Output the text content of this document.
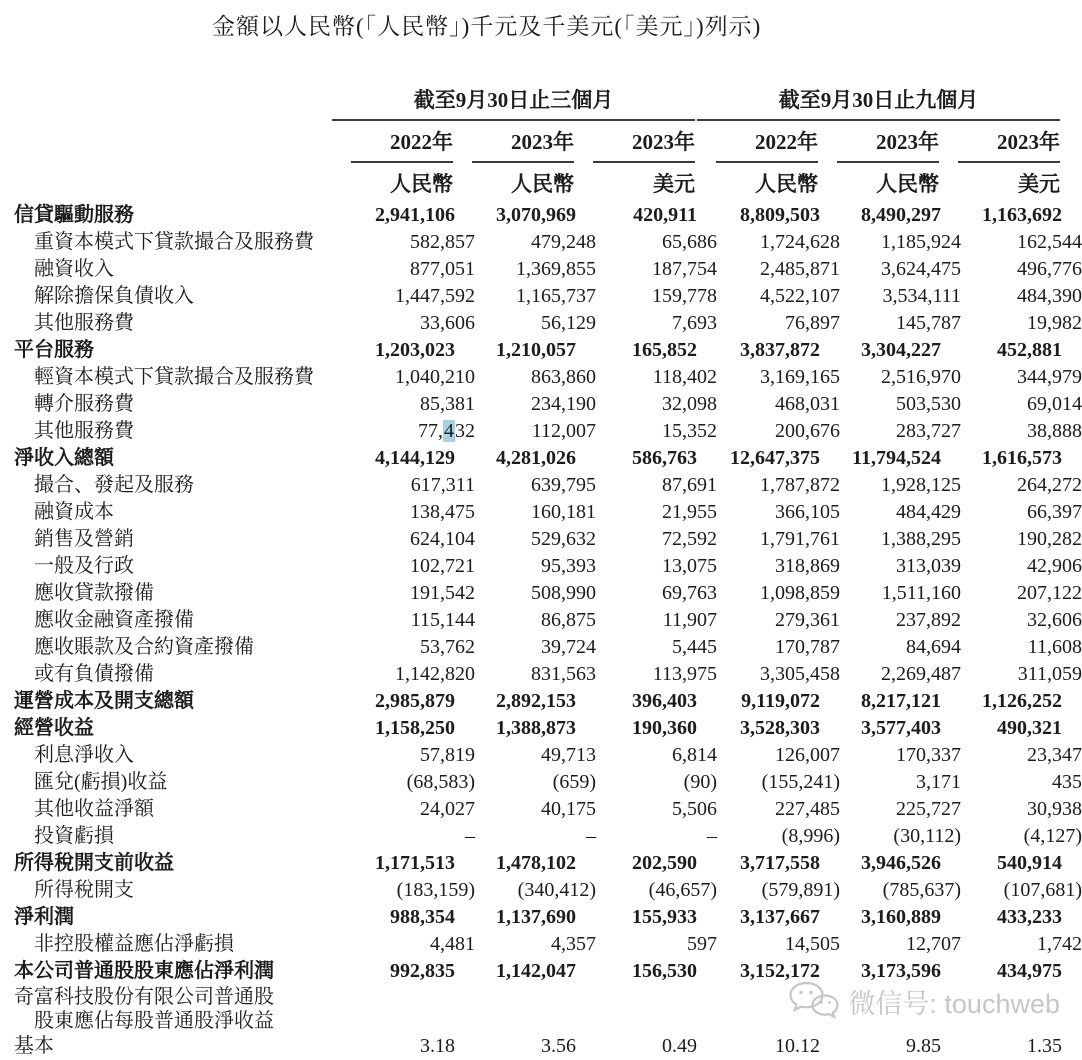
金額以人民幣(「人民幣」)千元及千美元(「美元」)列示)
截至9月30日止三個月	截至9月30日止九個月
2022年	2023年	2023年	2022年	2023年	2023年
人民幣	人民幣	美元	人民幣	人民幣	美元
信貸驅動服務	2,941,106	3,070,969	420,911	8,809,503	8,490,297	1,163,692
重資本模式下貸款撮合及服務費	582,857	479,248	65,686	1,724,628	1,185,924	162,544
融資收入	877,051	1,369,855	187,754	2,485,871	3,624,475	496,776
解除擔保負債收入	1,447,592	1,165,737	159,778	4,522,107	3,534,111	484,390
其他服務費	33,606	56,129	7,693	76,897	145,787	19,982
平台服務	1,203,023	1,210,057	165,852	3,837,872	3,304,227	452,881
輕資本模式下貸款撮合及服務費	1,040,210	863,860	118,402	3,169,165	2,516,970	344,979
轉介服務費	85,381	234,190	32,098	468,031	503,530	69,014
其他服務費	77,432	112,007	15,352	200,676	283,727	38,888
淨收入總額	4,144,129	4,281,026	586,763	12,647,375	11,794,524	1,616,573
撮合、發起及服務	617,311	639,795	87,691	1,787,872	1,928,125	264,272
融資成本	138,475	160,181	21,955	366,105	484,429	66,397
銷售及營銷	624,104	529,632	72,592	1,791,761	1,388,295	190,282
一般及行政	102,721	95,393	13,075	318,869	313,039	42,906
應收貸款撥備	191,542	508,990	69,763	1,098,859	1,511,160	207,122
應收金融資產撥備	115,144	86,875	11,907	279,361	237,892	32,606
應收賬款及合約資產撥備	53,762	39,724	5,445	170,787	84,694	11,608
或有負債撥備	1,142,820	831,563	113,975	3,305,458	2,269,487	311,059
運營成本及開支總額	2,985,879	2,892,153	396,403	9,119,072	8,217,121	1,126,252
經營收益	1,158,250	1,388,873	190,360	3,528,303	3,577,403	490,321
利息淨收入	57,819	49,713	6,814	126,007	170,337	23,347
匯兌(虧損)收益	(68,583)	(659)	(90)	(155,241)	3,171	435
其他收益淨額	24,027	40,175	5,506	227,485	225,727	30,938
投資虧損	–	–	–	(8,996)	(30,112)	(4,127)
所得稅開支前收益	1,171,513	1,478,102	202,590	3,717,558	3,946,526	540,914
所得稅開支	(183,159)	(340,412)	(46,657)	(579,891)	(785,637)	(107,681)
淨利潤	988,354	1,137,690	155,933	3,137,667	3,160,889	433,233
非控股權益應佔淨虧損	4,481	4,357	597	14,505	12,707	1,742
本公司普通股股東應佔淨利潤	992,835	1,142,047	156,530	3,152,172	3,173,596	434,975
奇富科技股份有限公司普通股
股東應佔每股普通股淨收益
基本	3.18	3.56	0.49	10.12	9.85	1.35
微信号: touchweb
